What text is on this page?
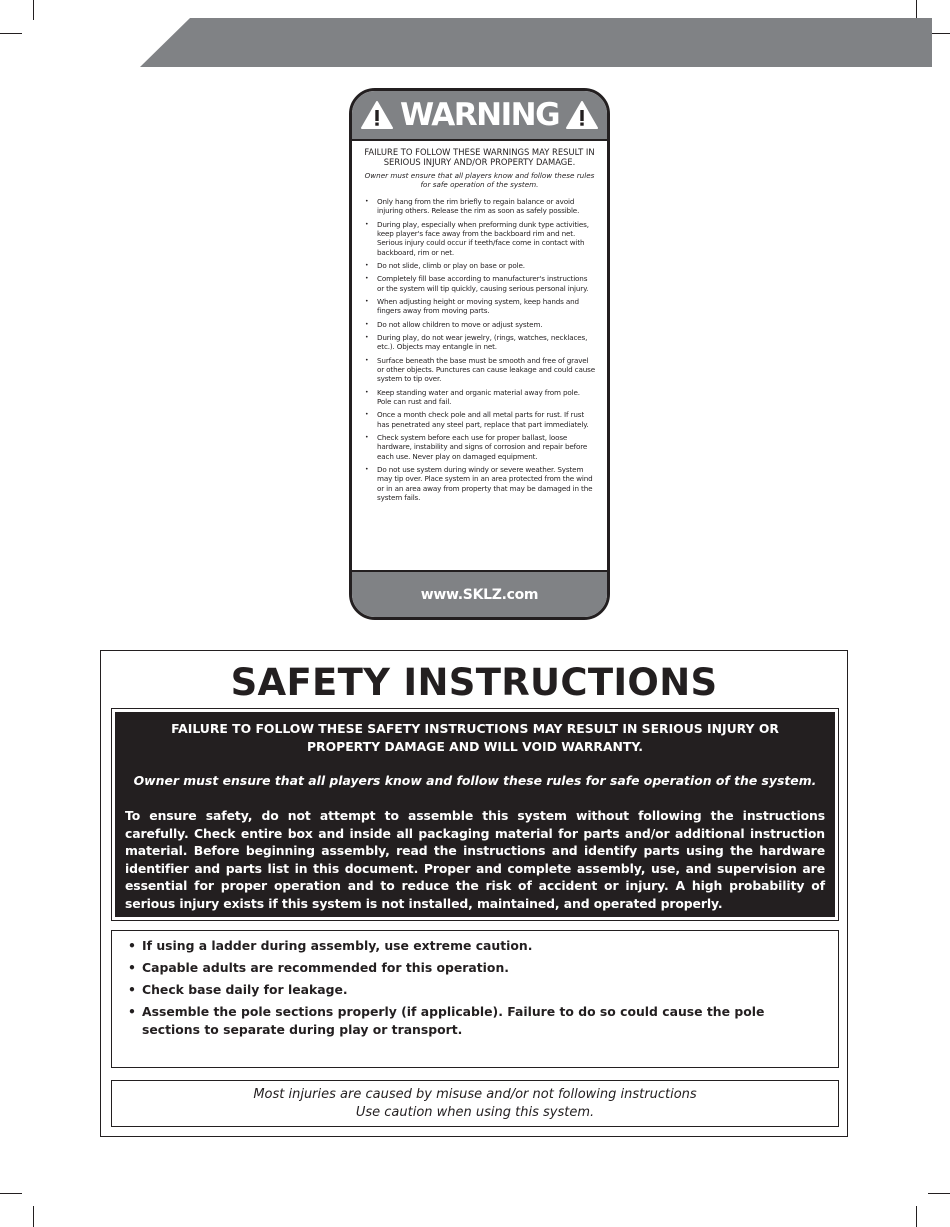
WARNING

FAILURE TO FOLLOW THESE WARNINGS MAY RESULT IN SERIOUS INJURY AND/OR PROPERTY DAMAGE.

Owner must ensure that all players know and follow these rules for safe operation of the system.

• Only hang from the rim briefly to regain balance or avoid injuring others. Release the rim as soon as safely possible.
• During play, especially when preforming dunk type activities, keep player's face away from the backboard rim and net. Serious injury could occur if teeth/face come in contact with backboard, rim or net.
• Do not slide, climb or play on base or pole.
• Completely fill base according to manufacturer's instructions or the system will tip quickly, causing serious personal injury.
• When adjusting height or moving system, keep hands and fingers away from moving parts.
• Do not allow children to move or adjust system.
• During play, do not wear jewelry, (rings, watches, necklaces, etc.). Objects may entangle in net.
• Surface beneath the base must be smooth and free of gravel or other objects. Punctures can cause leakage and could cause system to tip over.
• Keep standing water and organic material away from pole. Pole can rust and fail.
• Once a month check pole and all metal parts for rust. If rust has penetrated any steel part, replace that part immediately.
• Check system before each use for proper ballast, loose hardware, instability and signs of corrosion and repair before each use. Never play on damaged equipment.
• Do not use system during windy or severe weather. System may tip over. Place system in an area protected from the wind or in an area away from property that may be damaged in the system fails.
www.SKLZ.com
SAFETY INSTRUCTIONS

FAILURE TO FOLLOW THESE SAFETY INSTRUCTIONS MAY RESULT IN SERIOUS INJURY OR

PROPERTY DAMAGE AND WILL VOID WARRANTY.

Owner must ensure that all players know and follow these rules for safe operation of the system.

To ensure safety, do not attempt to assemble this system without following the instructions carefully. Check entire box and inside all packaging material for parts and/or additional instruction material. Before beginning assembly, read the instructions and identify parts using the hardware identifier and parts list in this document. Proper and complete assembly, use, and supervision are essential for proper operation and to reduce the risk of accident or injury. A high probability of serious injury exists if this system is not installed, maintained, and operated properly.

• If using a ladder during assembly, use extreme caution.
• Capable adults are recommended for this operation.
• Check base daily for leakage.
• Assemble the pole sections properly (if applicable). Failure to do so could cause the pole sections to separate during play or transport.
Most injuries are caused by misuse and/or not following instructions
Use caution when using this system.
